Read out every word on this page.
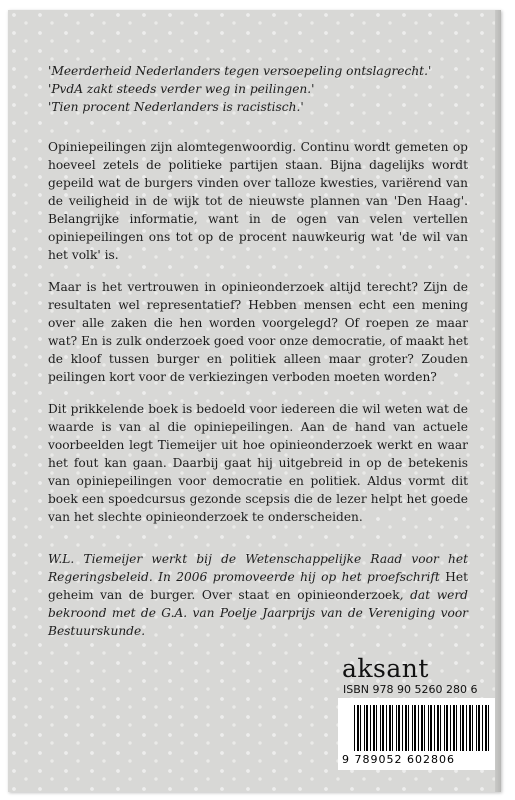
'Meerderheid Nederlanders tegen versoepeling ontslagrecht.'

'PvdA zakt steeds verder weg in peilingen.'

'Tien procent Nederlanders is racistisch.'

Opiniepeilingen zijn alomtegenwoordig. Continu wordt gemeten op hoeveel zetels de politieke partijen staan. Bijna dagelijks wordt gepeild wat de burgers vinden over talloze kwesties, variërend van de veiligheid in de wijk tot de nieuwste plannen van 'Den Haag'. Belangrijke informatie, want in de ogen van velen vertellen opiniepeilingen ons tot op de procent nauwkeurig wat 'de wil van het volk' is.

Maar is het vertrouwen in opinieonderzoek altijd terecht? Zijn de resultaten wel representatief? Hebben mensen echt een mening over alle zaken die hen worden voorgelegd? Of roepen ze maar wat? En is zulk onderzoek goed voor onze democratie, of maakt het de kloof tussen burger en politiek alleen maar groter? Zouden peilingen kort voor de verkiezingen verboden moeten worden?

Dit prikkelende boek is bedoeld voor iedereen die wil weten wat de waarde is van al die opiniepeilingen. Aan de hand van actuele voorbeelden legt Tiemeijer uit hoe opinieonderzoek werkt en waar het fout kan gaan. Daarbij gaat hij uitgebreid in op de betekenis van opiniepeilingen voor democratie en politiek. Aldus vormt dit boek een spoedcursus gezonde scepsis die de lezer helpt het goede van het slechte opinieonderzoek te onderscheiden.

W.L. Tiemeijer werkt bij de Wetenschappelijke Raad voor het Regeringsbeleid. In 2006 promoveerde hij op het proefschrift Het geheim van de burger. Over staat en opinieonderzoek, dat werd bekroond met de G.A. van Poelje Jaarprijs van de Vereniging voor Bestuurskunde.

aksant
ISBN 978 90 5260 280 6
9 789052 602806
